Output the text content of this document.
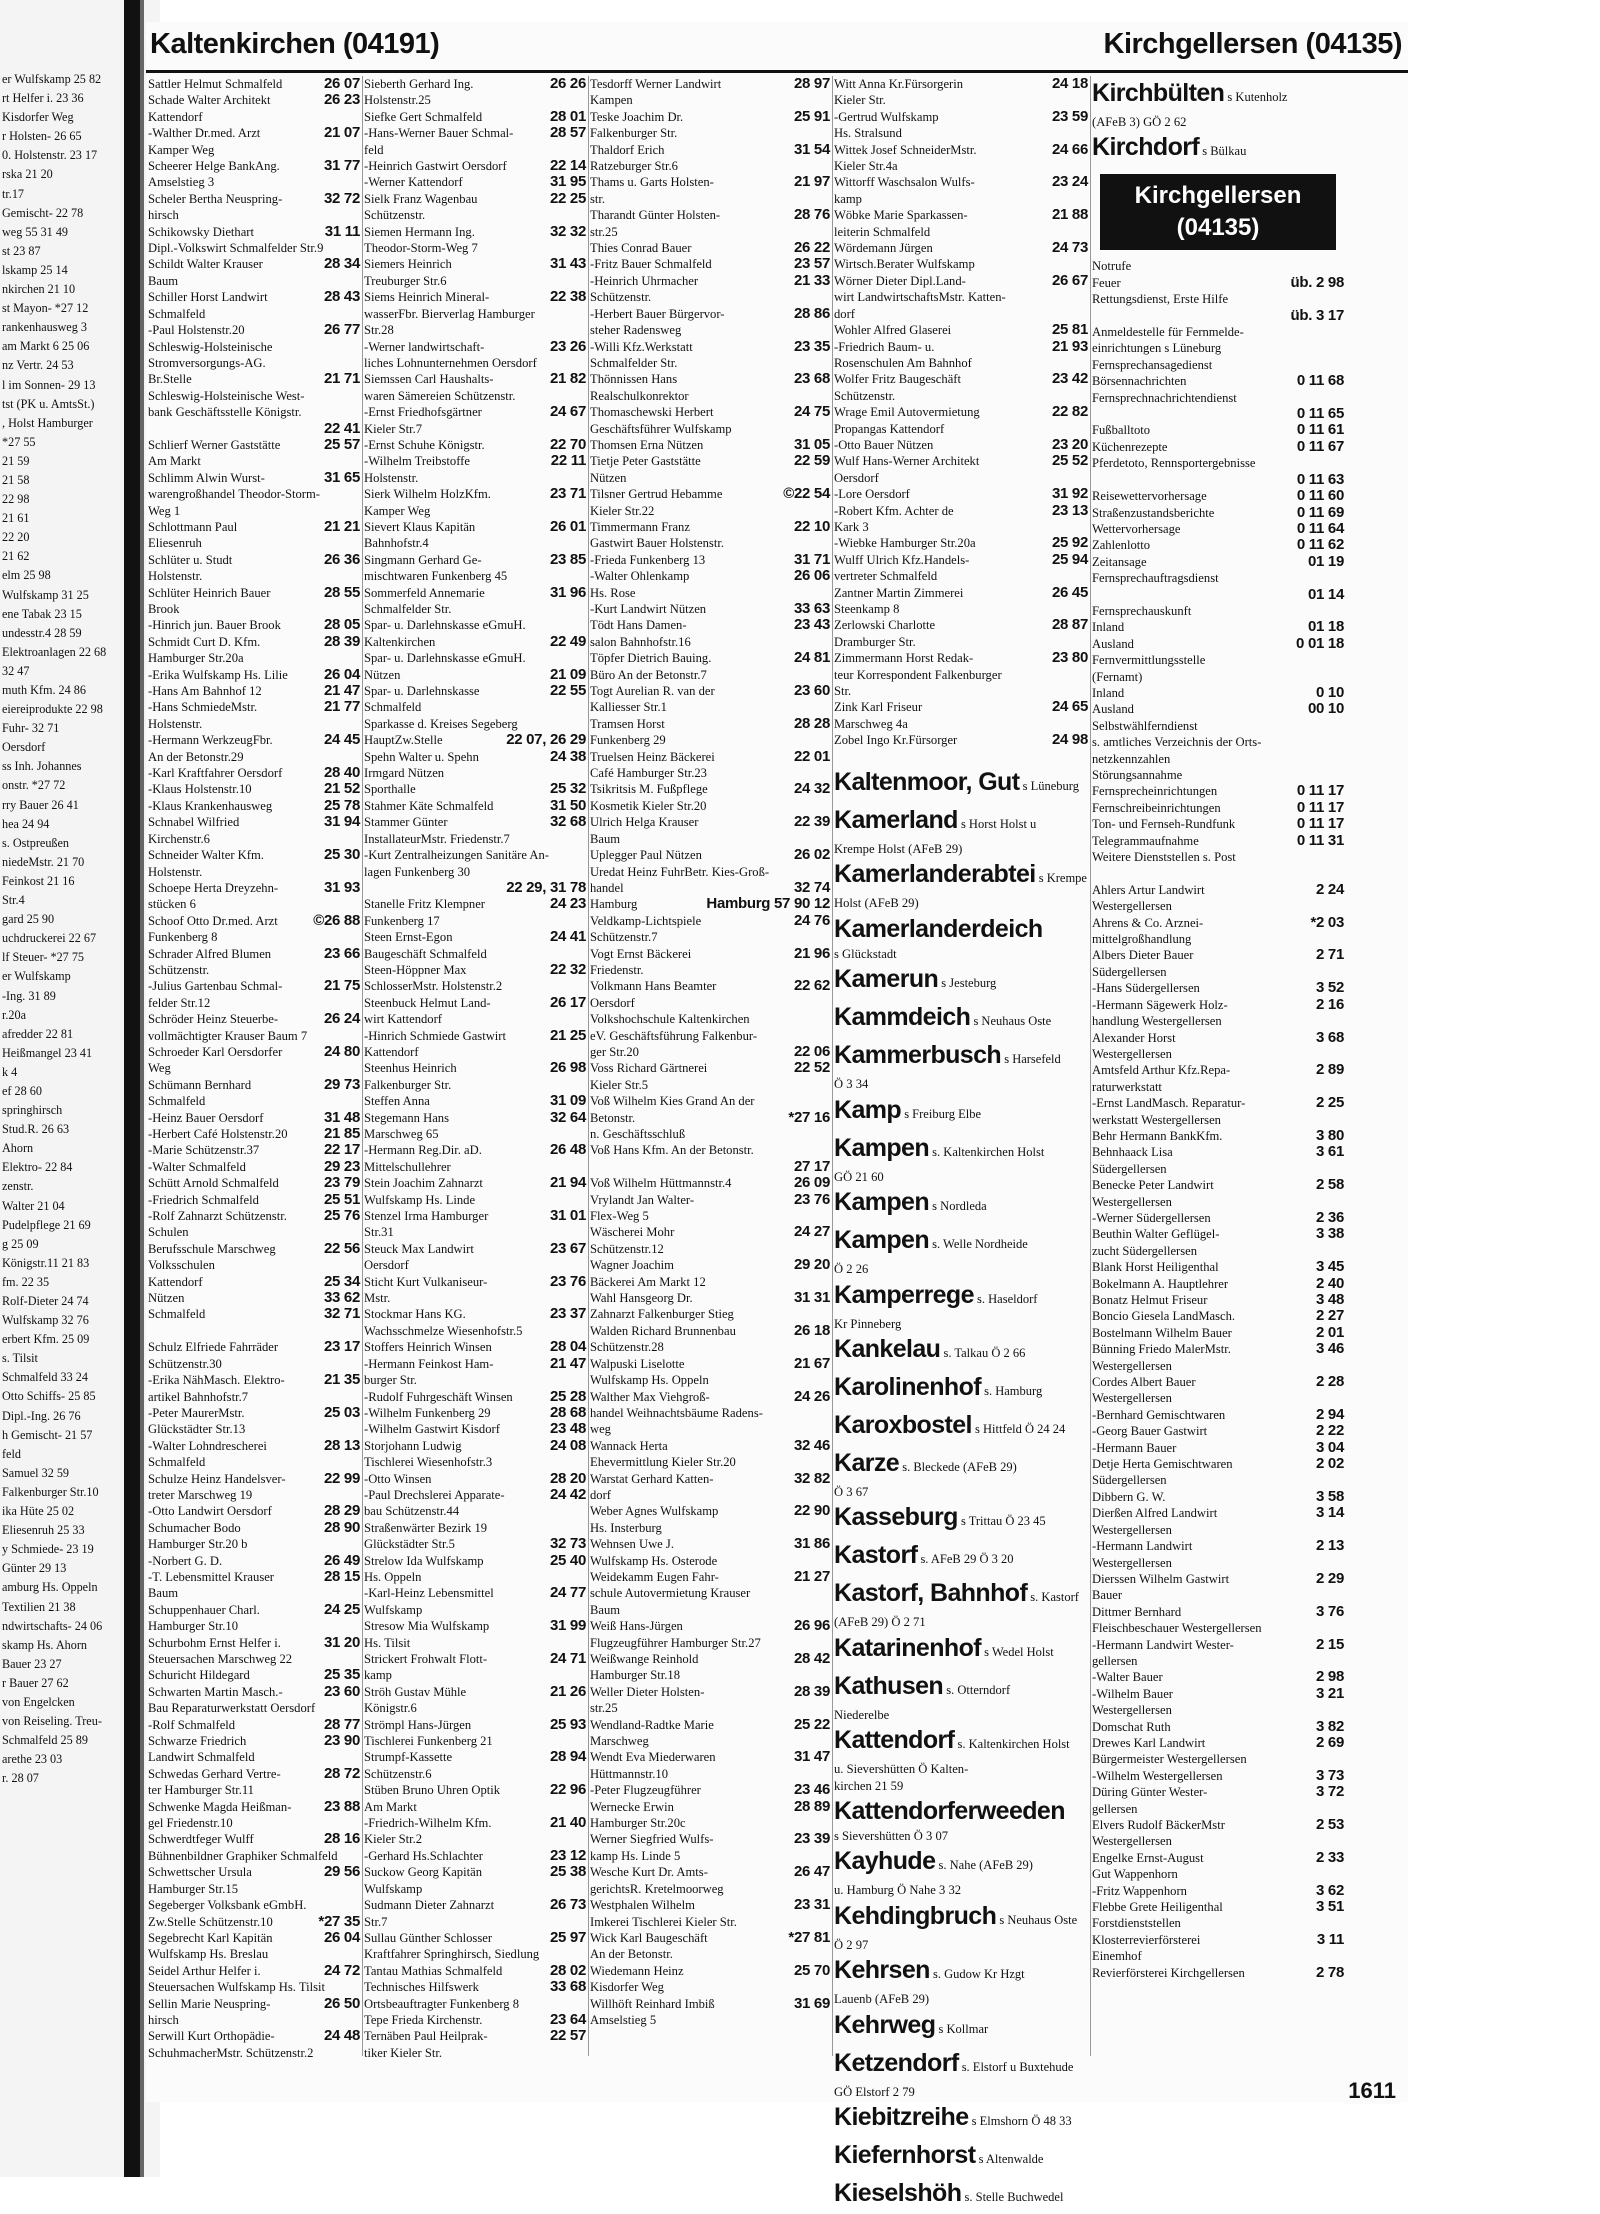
er Wulfskamp 25 82
rt Helfer i. 23 36
Kisdorfer Weg
r Holsten- 26 65
0. Holstenstr. 23 17
rska 21 20
tr.17
Gemischt- 22 78
weg 55 31 49
st 23 87
lskamp 25 14
nkirchen 21 10
st Mayon- *27 12
rankenhausweg 3
am Markt 6 25 06
nz Vertr. 24 53
l im Sonnen- 29 13
tst (PK u. AmtsSt.)
, Holst Hamburger
*27 55
21 59
21 58
22 98
21 61
22 20
21 62
elm 25 98
Wulfskamp 31 25
ene Tabak 23 15
undesstr.4 28 59
Elektroanlagen 22 68
32 47
muth Kfm. 24 86
eiereiprodukte 22 98
Fuhr- 32 71
Oersdorf
ss Inh. Johannes
onstr. *27 72
rry Bauer 26 41
hea 24 94
s. Ostpreußen
niedeMstr. 21 70
Feinkost 21 16
Str.4
gard 25 90
uchdruckerei 22 67
lf Steuer- *27 75
er Wulfskamp
-Ing. 31 89
r.20a
afredder 22 81
Heißmangel 23 41
k 4
ef 28 60
springhirsch
Stud.R. 26 63
Ahorn
Elektro- 22 84
zenstr.
Walter 21 04
Pudelpflege 21 69
g 25 09
Königstr.11 21 83
fm. 22 35
Rolf-Dieter 24 74
Wulfskamp 32 76
erbert Kfm. 25 09
s. Tilsit
Schmalfeld 33 24
Otto Schiffs- 25 85
Dipl.-Ing. 26 76
h Gemischt- 21 57
feld
Samuel 32 59
Falkenburger Str.10
ika Hüte 25 02
Eliesenruh 25 33
y Schmiede- 23 19
Günter 29 13
amburg Hs. Oppeln
Textilien 21 38
ndwirtschafts- 24 06
skamp Hs. Ahorn
Bauer 23 27
r Bauer 27 62
von Engelcken
von Reiseling. Treu-
Schmalfeld 25 89
arethe 23 03
r. 28 07
Kaltenkirchen (04191)	Kirchgellersen (04135)
Sattler Helmut Schmalfeld	26 07
Schade Walter Architekt	26 23
Kattendorf
-Walther Dr.med. Arzt	21 07
Kamper Weg
Scheerer Helge BankAng.	31 77
Amselstieg 3
Scheler Bertha Neuspring-	32 72
hirsch
Schikowsky Diethart	31 11
Dipl.-Volkswirt Schmalfelder Str.9
Schildt Walter Krauser	28 34
Baum
Schiller Horst Landwirt	28 43
Schmalfeld
-Paul Holstenstr.20	26 77
Schleswig-Holsteinische
Stromversorgungs-AG.
Br.Stelle	21 71
Schleswig-Holsteinische West-
bank Geschäftsstelle Königstr.

22 41
Schlierf Werner Gaststätte	25 57
Am Markt
Schlimm Alwin Wurst-	31 65
warengroßhandel Theodor-Storm-
Weg 1
Schlottmann Paul	21 21
Eliesenruh
Schlüter u. Studt	26 36
Holstenstr.
Schlüter Heinrich Bauer	28 55
Brook
-Hinrich jun. Bauer Brook	28 05
Schmidt Curt D. Kfm.	28 39
Hamburger Str.20a
-Erika Wulfskamp Hs. Lilie	26 04
-Hans Am Bahnhof 12	21 47
-Hans SchmiedeMstr.	21 77
Holstenstr.
-Hermann WerkzeugFbr.	24 45
An der Betonstr.29
-Karl Kraftfahrer Oersdorf	28 40
-Klaus Holstenstr.10	21 52
-Klaus Krankenhausweg	25 78
Schnabel Wilfried	31 94
Kirchenstr.6
Schneider Walter Kfm.	25 30
Holstenstr.
Schoepe Herta Dreyzehn-	31 93
stücken 6
Schoof Otto Dr.med. Arzt	©26 88
Funkenberg 8
Schrader Alfred Blumen	23 66
Schützenstr.
-Julius Gartenbau Schmal-	21 75
felder Str.12
Schröder Heinz Steuerbe-	26 24
vollmächtigter Krauser Baum 7
Schroeder Karl Oersdorfer	24 80
Weg
Schümann Bernhard	29 73
Schmalfeld
-Heinz Bauer Oersdorf	31 48
-Herbert Café Holstenstr.20	21 85
-Marie Schützenstr.37	22 17
-Walter Schmalfeld	29 23
Schütt Arnold Schmalfeld	23 79
-Friedrich Schmalfeld	25 51
-Rolf Zahnarzt Schützenstr.	25 76
Schulen
Berufsschule Marschweg	22 56
Volksschulen
Kattendorf	25 34
Nützen	33 62
Schmalfeld	32 71

Schulz Elfriede Fahrräder	23 17
Schützenstr.30
-Erika NähMasch. Elektro-	21 35
artikel Bahnhofstr.7
-Peter MaurerMstr.	25 03
Glückstädter Str.13
-Walter Lohndrescherei	28 13
Schmalfeld
Schulze Heinz Handelsver-	22 99
treter Marschweg 19
-Otto Landwirt Oersdorf	28 29
Schumacher Bodo	28 90
Hamburger Str.20 b
-Norbert G. D.	26 49
-T. Lebensmittel Krauser	28 15
Baum
Schuppenhauer Charl.	24 25
Hamburger Str.10
Schurbohm Ernst Helfer i.	31 20
Steuersachen Marschweg 22
Schuricht Hildegard	25 35
Schwarten Martin Masch.-	23 60
Bau Reparaturwerkstatt Oersdorf
-Rolf Schmalfeld	28 77
Schwarze Friedrich	23 90
Landwirt Schmalfeld
Schwedas Gerhard Vertre-	28 72
ter Hamburger Str.11
Schwenke Magda Heißman-	23 88
gel Friedenstr.10
Schwerdtfeger Wulff	28 16
Bühnenbildner Graphiker Schmalfeld
Schwettscher Ursula	29 56
Hamburger Str.15
Segeberger Volksbank eGmbH.
Zw.Stelle Schützenstr.10	*27 35
Segebrecht Karl Kapitän	26 04
Wulfskamp Hs. Breslau
Seidel Arthur Helfer i.	24 72
Steuersachen Wulfskamp Hs. Tilsit
Sellin Marie Neuspring-	26 50
hirsch
Serwill Kurt Orthopädie-	24 48
SchuhmacherMstr. Schützenstr.2
Sieberth Gerhard Ing.	26 26
Holstenstr.25
Siefke Gert Schmalfeld	28 01
-Hans-Werner Bauer Schmal-	28 57
feld
-Heinrich Gastwirt Oersdorf	22 14
-Werner Kattendorf	31 95
Sielk Franz Wagenbau	22 25
Schützenstr.
Siemen Hermann Ing.	32 32
Theodor-Storm-Weg 7
Siemers Heinrich	31 43
Treuburger Str.6
Siems Heinrich Mineral-	22 38
wasserFbr. Bierverlag Hamburger
Str.28
-Werner landwirtschaft-	23 26
liches Lohnunternehmen Oersdorf
Siemssen Carl Haushalts-	21 82
waren Sämereien Schützenstr.
-Ernst Friedhofsgärtner	24 67
Kieler Str.7
-Ernst Schuhe Königstr.	22 70
-Wilhelm Treibstoffe	22 11
Holstenstr.
Sierk Wilhelm HolzKfm.	23 71
Kamper Weg
Sievert Klaus Kapitän	26 01
Bahnhofstr.4
Singmann Gerhard Ge-	23 85
mischtwaren Funkenberg 45
Sommerfeld Annemarie	31 96
Schmalfelder Str.
Spar- u. Darlehnskasse eGmuH.
Kaltenkirchen	22 49
Spar- u. Darlehnskasse eGmuH.
Nützen	21 09
Spar- u. Darlehnskasse	22 55
Schmalfeld
Sparkasse d. Kreises Segeberg
HauptZw.Stelle	22 07, 26 29
Spehn Walter u. Spehn	24 38
Irmgard Nützen
Sporthalle	25 32
Stahmer Käte Schmalfeld	31 50
Stammer Günter	32 68
InstallateurMstr. Friedenstr.7
-Kurt Zentralheizungen Sanitäre An-
lagen Funkenberg 30

22 29, 31 78
Stanelle Fritz Klempner	24 23
Funkenberg 17
Steen Ernst-Egon	24 41
Baugeschäft Schmalfeld
Steen-Höppner Max	22 32
SchlosserMstr. Holstenstr.2
Steenbuck Helmut Land-	26 17
wirt Kattendorf
-Hinrich Schmiede Gastwirt	21 25
Kattendorf
Steenhus Heinrich	26 98
Falkenburger Str.
Steffen Anna	31 09
Stegemann Hans	32 64
Marschweg 65
-Hermann Reg.Dir. aD.	26 48
Mittelschullehrer
Stein Joachim Zahnarzt	21 94
Wulfskamp Hs. Linde
Stenzel Irma Hamburger	31 01
Str.31
Steuck Max Landwirt	23 67
Oersdorf
Sticht Kurt Vulkaniseur-	23 76
Mstr.
Stockmar Hans KG.	23 37
Wachsschmelze Wiesenhofstr.5
Stoffers Heinrich Winsen	28 04
-Hermann Feinkost Ham-	21 47
burger Str.
-Rudolf Fuhrgeschäft Winsen	25 28
-Wilhelm Funkenberg 29	28 68
-Wilhelm Gastwirt Kisdorf	23 48
Storjohann Ludwig	24 08
Tischlerei Wiesenhofstr.3
-Otto Winsen	28 20
-Paul Drechslerei Apparate-	24 42
bau Schützenstr.44
Straßenwärter Bezirk 19
Glückstädter Str.5	32 73
Strelow Ida Wulfskamp	25 40
Hs. Oppeln
-Karl-Heinz Lebensmittel	24 77
Wulfskamp
Stresow Mia Wulfskamp	31 99
Hs. Tilsit
Strickert Frohwalt Flott-	24 71
kamp
Ströh Gustav Mühle	21 26
Königstr.6
Strömpl Hans-Jürgen	25 93
Tischlerei Funkenberg 21
Strumpf-Kassette	28 94
Schützenstr.6
Stüben Bruno Uhren Optik	22 96
Am Markt
-Friedrich-Wilhelm Kfm.	21 40
Kieler Str.2
-Gerhard Hs.Schlachter	23 12
Suckow Georg Kapitän	25 38
Wulfskamp
Sudmann Dieter Zahnarzt	26 73
Str.7
Sullau Günther Schlosser	25 97
Kraftfahrer Springhirsch, Siedlung
Tantau Mathias Schmalfeld	28 02
Technisches Hilfswerk	33 68
Ortsbeauftragter Funkenberg 8
Tepe Frieda Kirchenstr.	23 64
Ternäben Paul Heilprak-	22 57
tiker Kieler Str.
Tesdorff Werner Landwirt	28 97
Kampen
Teske Joachim Dr.	25 91
Falkenburger Str.
Thaldorf Erich	31 54
Ratzeburger Str.6
Thams u. Garts Holsten-	21 97
str.
Tharandt Günter Holsten-	28 76
str.25
Thies Conrad Bauer	26 22
-Fritz Bauer Schmalfeld	23 57
-Heinrich Uhrmacher	21 33
Schützenstr.
-Herbert Bauer Bürgervor-	28 86
steher Radensweg
-Willi Kfz.Werkstatt	23 35
Schmalfelder Str.
Thönnissen Hans	23 68
Realschulkonrektor
Thomaschewski Herbert	24 75
Geschäftsführer Wulfskamp
Thomsen Erna Nützen	31 05
Tietje Peter Gaststätte	22 59
Nützen
Tilsner Gertrud Hebamme	©22 54
Kieler Str.22
Timmermann Franz	22 10
Gastwirt Bauer Holstenstr.
-Frieda Funkenberg 13	31 71
-Walter Ohlenkamp	26 06
Hs. Rose
-Kurt Landwirt Nützen	33 63
Tödt Hans Damen-	23 43
salon Bahnhofstr.16
Töpfer Dietrich Bauing.	24 81
Büro An der Betonstr.7
Togt Aurelian R. van der	23 60
Kalliesser Str.1
Tramsen Horst	28 28
Funkenberg 29
Truelsen Heinz Bäckerei	22 01
Café Hamburger Str.23
Tsikritsis M. Fußpflege	24 32
Kosmetik Kieler Str.20
Ulrich Helga Krauser	22 39
Baum
Uplegger Paul Nützen	26 02
Uredat Heinz FuhrBetr. Kies-Groß-
handel	32 74
Hamburg	Hamburg 57 90 12
Veldkamp-Lichtspiele	24 76
Schützenstr.7
Vogt Ernst Bäckerei	21 96
Friedenstr.
Volkmann Hans Beamter	22 62
Oersdorf
Volkshochschule Kaltenkirchen
eV. Geschäftsführung Falkenbur-
ger Str.20	22 06
Voss Richard Gärtnerei	22 52
Kieler Str.5
Voß Wilhelm Kies Grand An der
Betonstr.	*27 16
n. Geschäftsschluß
Voß Hans Kfm. An der Betonstr.

27 17
Voß Wilhelm Hüttmannstr.4	26 09
Vrylandt Jan Walter-	23 76
Flex-Weg 5
Wäscherei Mohr	24 27
Schützenstr.12
Wagner Joachim	29 20
Bäckerei Am Markt 12
Wahl Hansgeorg Dr.	31 31
Zahnarzt Falkenburger Stieg
Walden Richard Brunnenbau	26 18
Schützenstr.28
Walpuski Liselotte	21 67
Wulfskamp Hs. Oppeln
Walther Max Viehgroß-	24 26
handel Weihnachtsbäume Radens-
weg
Wannack Herta	32 46
Ehevermittlung Kieler Str.20
Warstat Gerhard Katten-	32 82
dorf
Weber Agnes Wulfskamp	22 90
Hs. Insterburg
Wehnsen Uwe J.	31 86
Wulfskamp Hs. Osterode
Weidekamm Eugen Fahr-	21 27
schule Autovermietung Krauser
Baum
Weiß Hans-Jürgen	26 96
Flugzeugführer Hamburger Str.27
Weißwange Reinhold	28 42
Hamburger Str.18
Weller Dieter Holsten-	28 39
str.25
Wendland-Radtke Marie	25 22
Marschweg
Wendt Eva Miederwaren	31 47
Hüttmannstr.10
-Peter Flugzeugführer	23 46
Wernecke Erwin	28 89
Hamburger Str.20c
Werner Siegfried Wulfs-	23 39
kamp Hs. Linde 5
Wesche Kurt Dr. Amts-	26 47
gerichtsR. Kretelmoorweg
Westphalen Wilhelm	23 31
Imkerei Tischlerei Kieler Str.
Wick Karl Baugeschäft	*27 81
An der Betonstr.
Wiedemann Heinz	25 70
Kisdorfer Weg
Willhöft Reinhard Imbiß	31 69
Amselstieg 5
Witt Anna Kr.Fürsorgerin	24 18
Kieler Str.
-Gertrud Wulfskamp	23 59
Hs. Stralsund
Wittek Josef SchneiderMstr.	24 66
Kieler Str.4a
Wittorff Waschsalon Wulfs-	23 24
kamp
Wöbke Marie Sparkassen-	21 88
leiterin Schmalfeld
Wördemann Jürgen	24 73
Wirtsch.Berater Wulfskamp
Wörner Dieter Dipl.Land-	26 67
wirt LandwirtschaftsMstr. Katten-
dorf
Wohler Alfred Glaserei	25 81
-Friedrich Baum- u.	21 93
Rosenschulen Am Bahnhof
Wolfer Fritz Baugeschäft	23 42
Schützenstr.
Wrage Emil Autovermietung	22 82
Propangas Kattendorf
-Otto Bauer Nützen	23 20
Wulf Hans-Werner Architekt	25 52
Oersdorf
-Lore Oersdorf	31 92
-Robert Kfm. Achter de	23 13
Kark 3
-Wiebke Hamburger Str.20a	25 92
Wulff Ulrich Kfz.Handels-	25 94
vertreter Schmalfeld
Zantner Martin Zimmerei	26 45
Steenkamp 8
Zerlowski Charlotte	28 87
Dramburger Str.
Zimmermann Horst Redak-	23 80
teur Korrespondent Falkenburger
Str.
Zink Karl Friseur	24 65
Marschweg 4a
Zobel Ingo Kr.Fürsorger	24 98

Kaltenmoor, Gut s Lüneburg
Kamerland s Horst Holst u
Krempe Holst (AFeB 29)
Kamerlanderabtei s Krempe
Holst (AFeB 29)
Kamerlanderdeich
s Glückstadt
Kamerun s Jesteburg
Kammdeich s Neuhaus Oste
Kammerbusch s Harsefeld
Ö 3 34
Kamp s Freiburg Elbe
Kampen s. Kaltenkirchen Holst
GÖ 21 60
Kampen s Nordleda
Kampen s. Welle Nordheide
Ö 2 26
Kamperrege s. Haseldorf
Kr Pinneberg
Kankelau s. Talkau Ö 2 66
Karolinenhof s. Hamburg
Karoxbostel s Hittfeld Ö 24 24
Karze s. Bleckede (AFeB 29)
Ö 3 67
Kasseburg s Trittau Ö 23 45
Kastorf s. AFeB 29 Ö 3 20
Kastorf, Bahnhof s. Kastorf
(AFeB 29) Ö 2 71
Katarinenhof s Wedel Holst
Kathusen s. Otterndorf
Niederelbe
Kattendorf s. Kaltenkirchen Holst
u. Sievershütten Ö Kalten-
kirchen 21 59
Kattendorferweeden
s Sievershütten Ö 3 07
Kayhude s. Nahe (AFeB 29)
u. Hamburg Ö Nahe 3 32
Kehdingbruch s Neuhaus Oste
Ö 2 97
Kehrsen s. Gudow Kr Hzgt
Lauenb (AFeB 29)
Kehrweg s Kollmar
Ketzendorf s. Elstorf u Buxtehude
GÖ Elstorf 2 79
Kiebitzreihe s Elmshorn Ö 48 33
Kiefernhorst s Altenwalde
Kieselshöh s. Stelle Buchwedel
Kirchbülten s Kutenholz
(AFeB 3) GÖ 2 62
Kirchdorf s Bülkau
Kirchgellersen (04135)
Notrufe
Feuer	üb. 2 98
Rettungsdienst, Erste Hilfe

üb. 3 17
Anmeldestelle für Fernmelde-
einrichtungen s Lüneburg
Fernsprechansagedienst
Börsennachrichten	0 11 68
Fernsprechnachrichtendienst

0 11 65
Fußballtoto	0 11 61
Küchenrezepte	0 11 67
Pferdetoto, Rennsportergebnisse

0 11 63
Reisewettervorhersage	0 11 60
Straßenzustandsberichte	0 11 69
Wettervorhersage	0 11 64
Zahlenlotto	0 11 62
Zeitansage	01 19
Fernsprechauftragsdienst

01 14
Fernsprechauskunft
Inland	01 18
Ausland	0 01 18
Fernvermittlungsstelle
(Fernamt)
Inland	0 10
Ausland	00 10
Selbstwählferndienst
s. amtliches Verzeichnis der Orts-
netzkennzahlen
Störungsannahme
Fernsprecheinrichtungen	0 11 17
Fernschreibeinrichtungen	0 11 17
Ton- und Fernseh-Rundfunk	0 11 17
Telegrammaufnahme	0 11 31
Weitere Dienststellen s. Post

Ahlers Artur Landwirt	2 24
Westergellersen
Ahrens & Co. Arznei-	*2 03
mittelgroßhandlung
Albers Dieter Bauer	2 71
Südergellersen
-Hans Südergellersen	3 52
-Hermann Sägewerk Holz-	2 16
handlung Westergellersen
Alexander Horst	3 68
Westergellersen
Amtsfeld Arthur Kfz.Repa-	2 89
raturwerkstatt
-Ernst LandMasch. Reparatur-	2 25
werkstatt Westergellersen
Behr Hermann BankKfm.	3 80
Behnhaack Lisa	3 61
Südergellersen
Benecke Peter Landwirt	2 58
Westergellersen
-Werner Südergellersen	2 36
Beuthin Walter Geflügel-	3 38
zucht Südergellersen
Blank Horst Heiligenthal	3 45
Bokelmann A. Hauptlehrer	2 40
Bonatz Helmut Friseur	3 48
Boncio Giesela LandMasch.	2 27
Bostelmann Wilhelm Bauer	2 01
Bünning Friedo MalerMstr.	3 46
Westergellersen
Cordes Albert Bauer	2 28
Westergellersen
-Bernhard Gemischtwaren	2 94
-Georg Bauer Gastwirt	2 22
-Hermann Bauer	3 04
Detje Herta Gemischtwaren	2 02
Südergellersen
Dibbern G. W.	3 58
Dierßen Alfred Landwirt	3 14
Westergellersen
-Hermann Landwirt	2 13
Westergellersen
Dierssen Wilhelm Gastwirt	2 29
Bauer
Dittmer Bernhard	3 76
Fleischbeschauer Westergellersen
-Hermann Landwirt Wester-	2 15
gellersen
-Walter Bauer	2 98
-Wilhelm Bauer	3 21
Westergellersen
Domschat Ruth	3 82
Drewes Karl Landwirt	2 69
Bürgermeister Westergellersen
-Wilhelm Westergellersen	3 73
Düring Günter Wester-	3 72
gellersen
Elvers Rudolf BäckerMstr	2 53
Westergellersen
Engelke Ernst-August	2 33
Gut Wappenhorn
-Fritz Wappenhorn	3 62
Flebbe Grete Heiligenthal	3 51
Forstdienststellen
Klosterrevierförsterei	3 11
Einemhof
Revierförsterei Kirchgellersen	2 78
1611
